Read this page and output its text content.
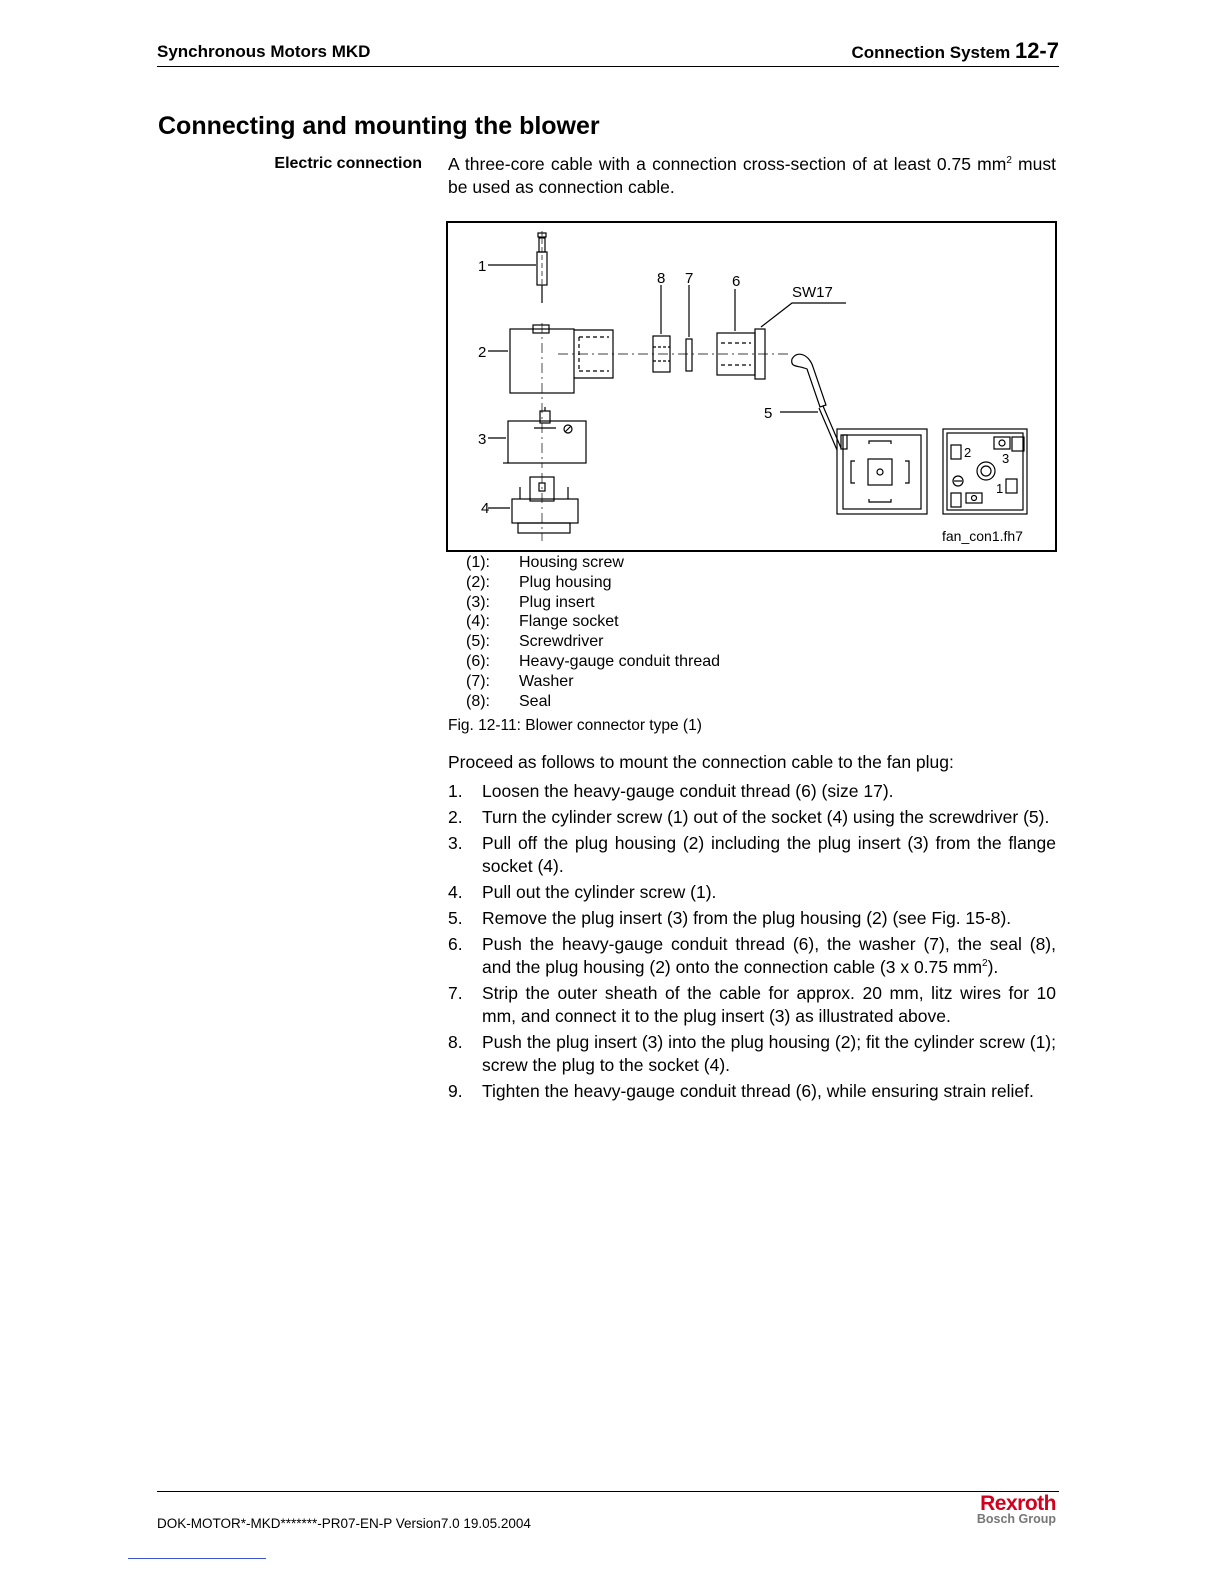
Synchronous Motors MKD	Connection System 12-7
Connecting and mounting the blower
Electric connection A three-core cable with a connection cross-section of at least 0.75 $mm^2$ must be used as connection cable.

1
2
3
4
5
6
7
8
SW17
2 3
1
fan_con1.fh7
(1):	Housing screw
(2):	Plug housing
(3):	Plug insert
(4):	Flange socket
(5):	Screwdriver
(6):	Heavy-gauge conduit thread
(7):	Washer
(8):	Seal
Fig. 12-11: Blower connector type (1)

Proceed as follows to mount the connection cable to the fan plug:

1.	Loosen the heavy-gauge conduit thread (6) (size 17).
2.	Turn the cylinder screw (1) out of the socket (4) using the screwdriver (5).
3.	Pull off the plug housing (2) including the plug insert (3) from the flange socket (4).
4.	Pull out the cylinder screw (1).
5.	Remove the plug insert (3) from the plug housing (2) (see Fig. 15-8).
6.	Push the heavy-gauge conduit thread (6), the washer (7), the seal (8), and the plug housing (2) onto the connection cable (3 x 0.75 $mm^2$).
7.	Strip the outer sheath of the cable for approx. 20 mm, litz wires for 10 mm, and connect it to the plug insert (3) as illustrated above.
8.	Push the plug insert (3) into the plug housing (2); fit the cylinder screw (1); screw the plug to the socket (4).
9.	Tighten the heavy-gauge conduit thread (6), while ensuring strain relief.
DOK-MOTOR*-MKD*******-PR07-EN-P Version7.0 19.05.2004
Rexroth
Bosch Group
